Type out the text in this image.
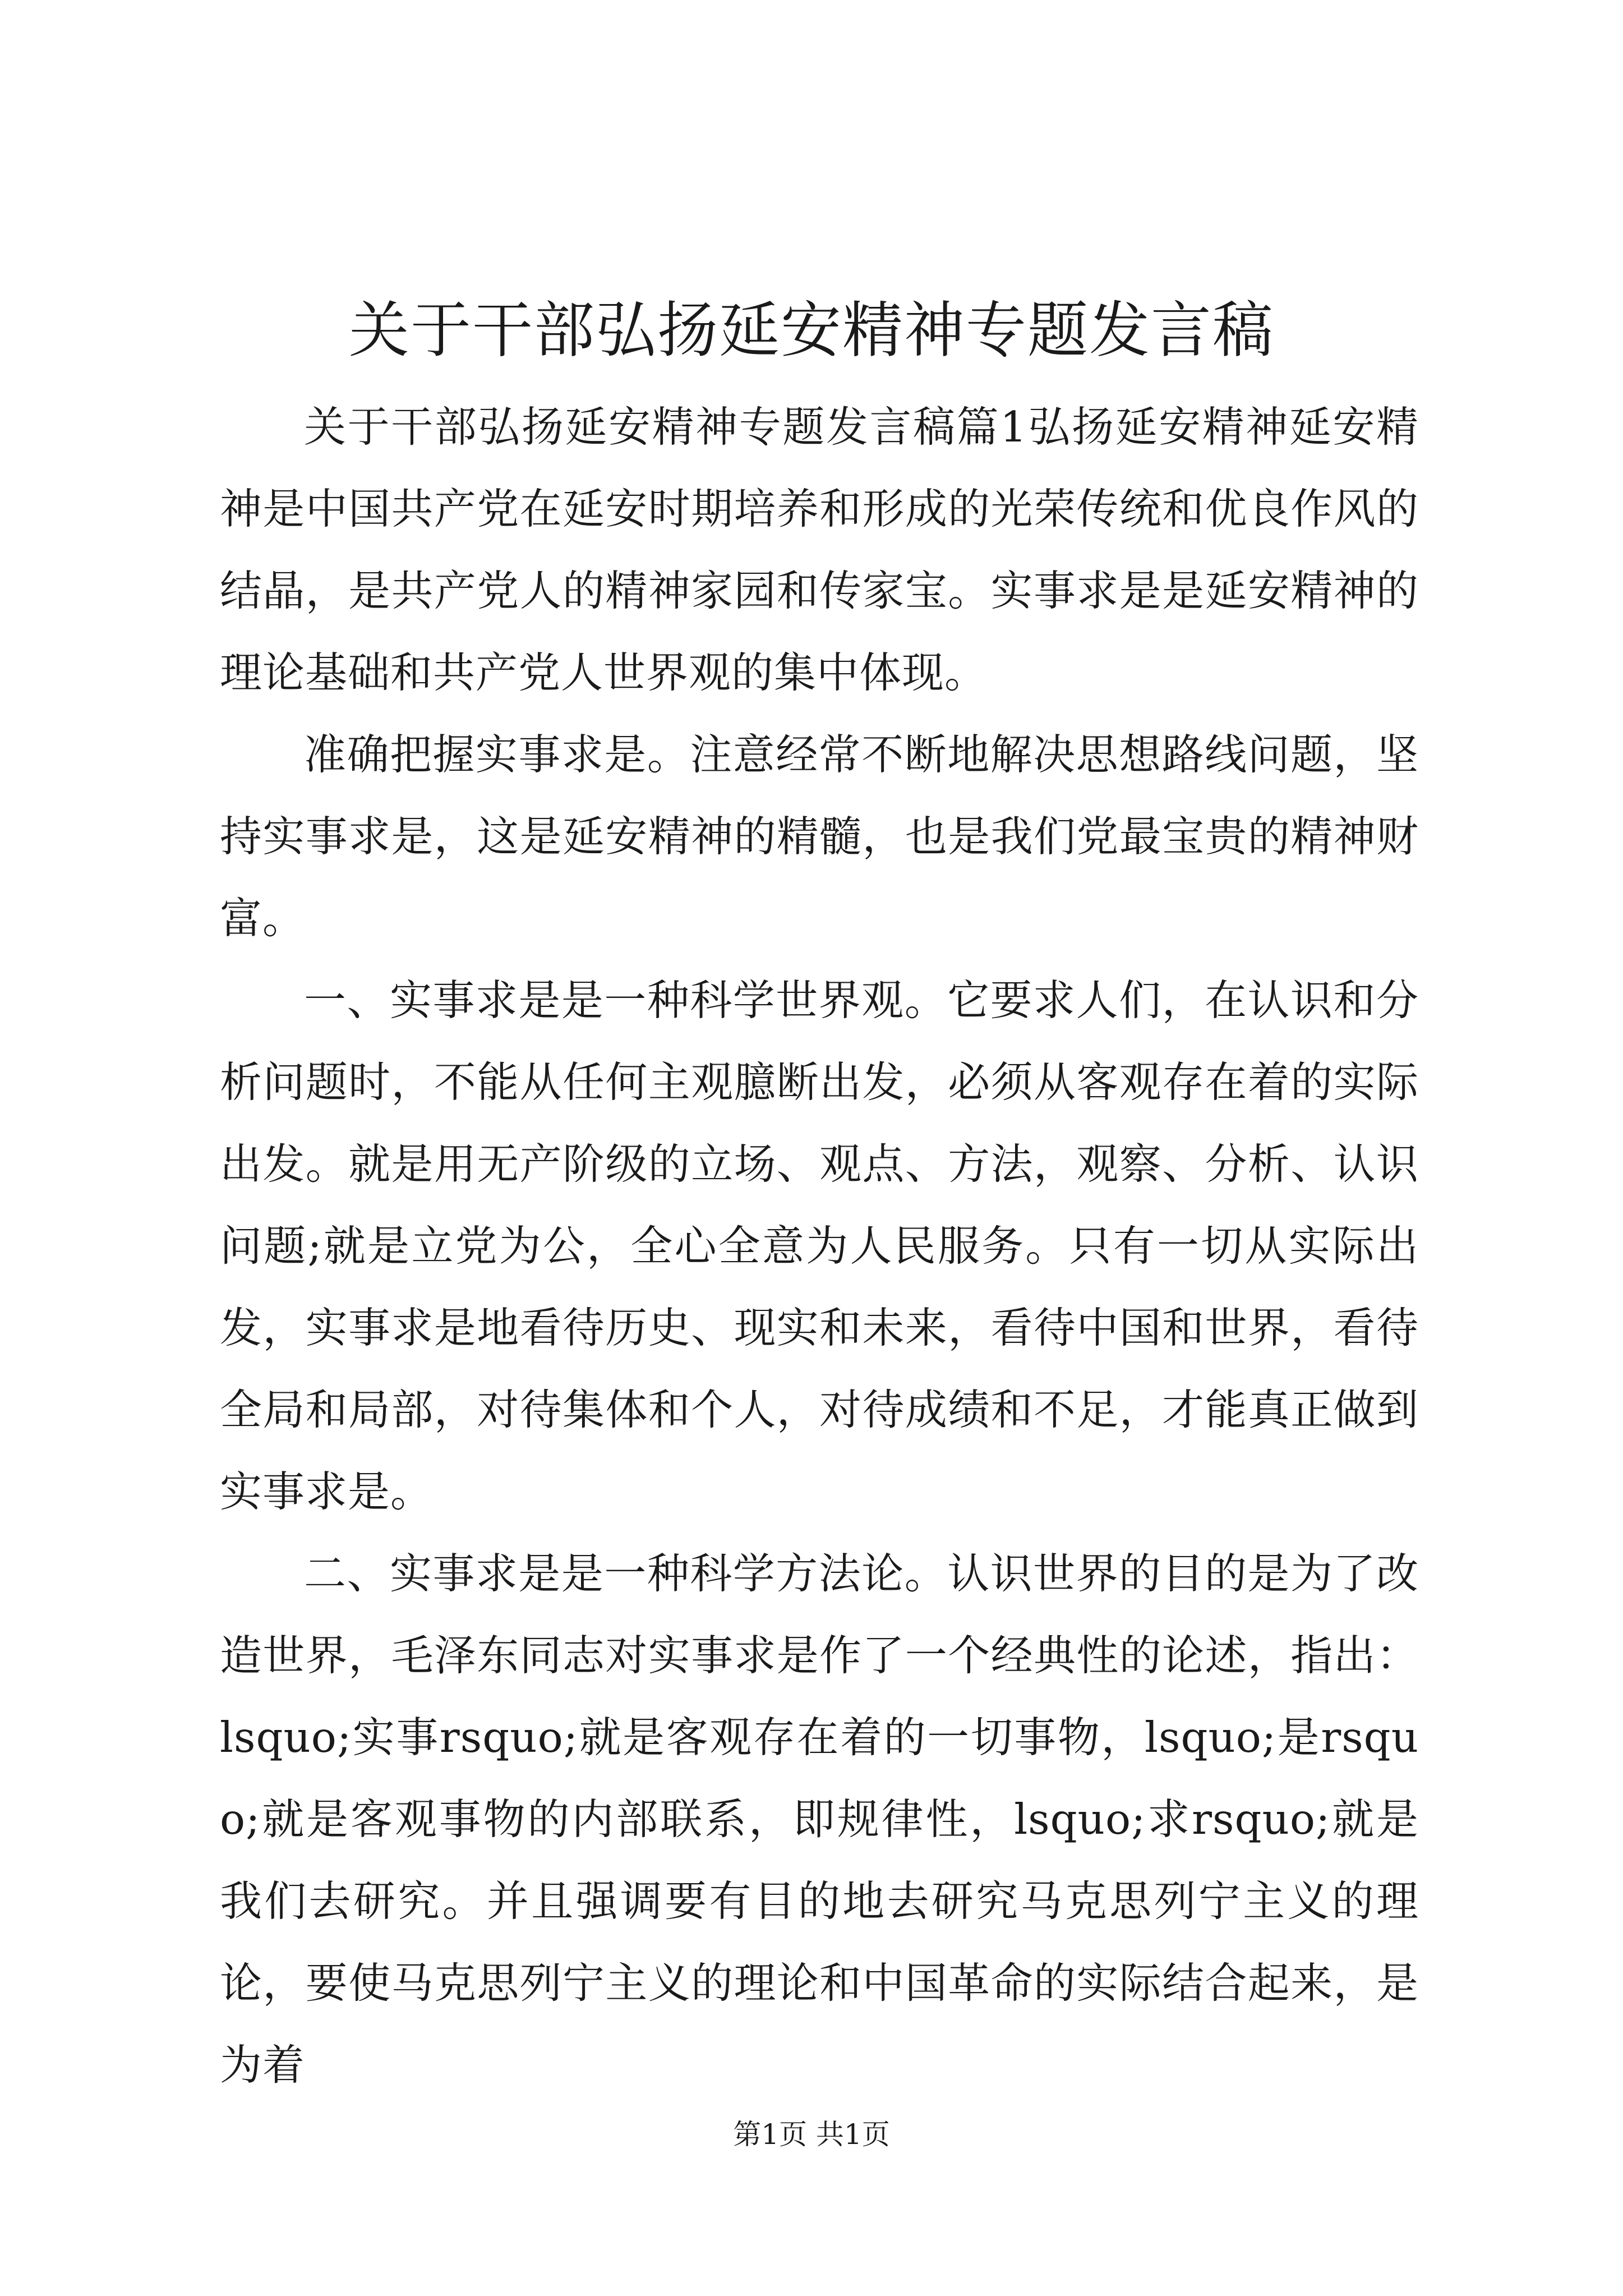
关于干部弘扬延安精神专题发言稿

关于干部弘扬延安精神专题发言稿篇1弘扬延安精神延安精神是中国共产党在延安时期培养和形成的光荣传统和优良作风的结晶，是共产党人的精神家园和传家宝。实事求是是延安精神的理论基础和共产党人世界观的集中体现。

准确把握实事求是。注意经常不断地解决思想路线问题，坚持实事求是，这是延安精神的精髓，也是我们党最宝贵的精神财富。

一、实事求是是一种科学世界观。它要求人们，在认识和分析问题时，不能从任何主观臆断出发，必须从客观存在着的实际出发。就是用无产阶级的立场、观点、方法，观察、分析、认识问题;就是立党为公，全心全意为人民服务。只有一切从实际出发，实事求是地看待历史、现实和未来，看待中国和世界，看待全局和局部，对待集体和个人，对待成绩和不足，才能真正做到实事求是。

二、实事求是是一种科学方法论。认识世界的目的是为了改造世界，毛泽东同志对实事求是作了一个经典性的论述，指出：lsquo;实事rsquo;就是客观存在着的一切事物，lsquo;是rsquo;就是客观事物的内部联系，即规律性，lsquo;求rsquo;就是我们去研究。并且强调要有目的地去研究马克思列宁主义的理论，要使马克思列宁主义的理论和中国革命的实际结合起来，是为着

第1页 共1页
